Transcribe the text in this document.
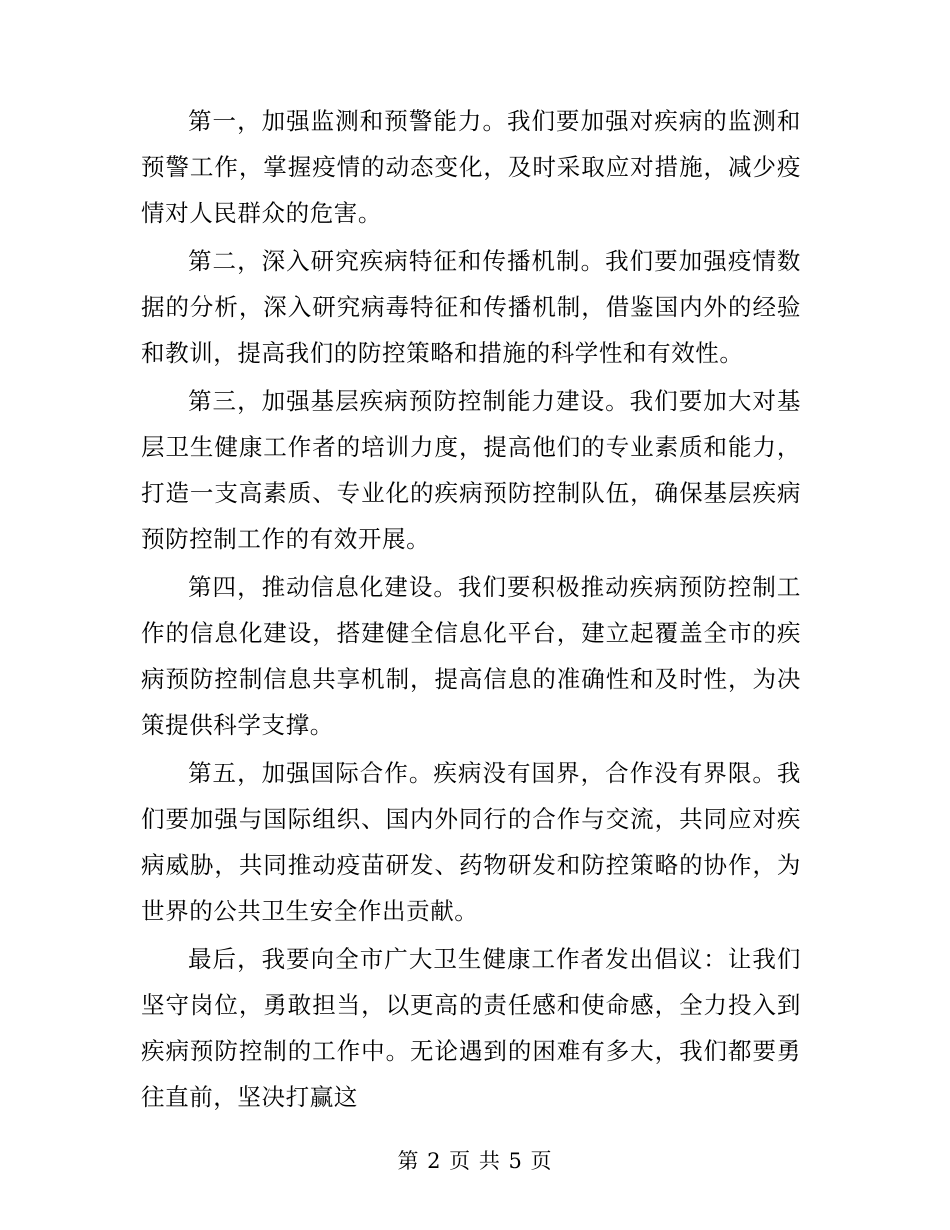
第一，加强监测和预警能力。我们要加强对疾病的监测和预警工作，掌握疫情的动态变化，及时采取应对措施，减少疫情对人民群众的危害。

第二，深入研究疾病特征和传播机制。我们要加强疫情数据的分析，深入研究病毒特征和传播机制，借鉴国内外的经验和教训，提高我们的防控策略和措施的科学性和有效性。

第三，加强基层疾病预防控制能力建设。我们要加大对基层卫生健康工作者的培训力度，提高他们的专业素质和能力，打造一支高素质、专业化的疾病预防控制队伍，确保基层疾病预防控制工作的有效开展。

第四，推动信息化建设。我们要积极推动疾病预防控制工作的信息化建设，搭建健全信息化平台，建立起覆盖全市的疾病预防控制信息共享机制，提高信息的准确性和及时性，为决策提供科学支撑。

第五，加强国际合作。疾病没有国界，合作没有界限。我们要加强与国际组织、国内外同行的合作与交流，共同应对疾病威胁，共同推动疫苗研发、药物研发和防控策略的协作，为世界的公共卫生安全作出贡献。

最后，我要向全市广大卫生健康工作者发出倡议：让我们坚守岗位，勇敢担当，以更高的责任感和使命感，全力投入到疾病预防控制的工作中。无论遇到的困难有多大，我们都要勇往直前，坚决打赢这

第 2 页 共 5 页
